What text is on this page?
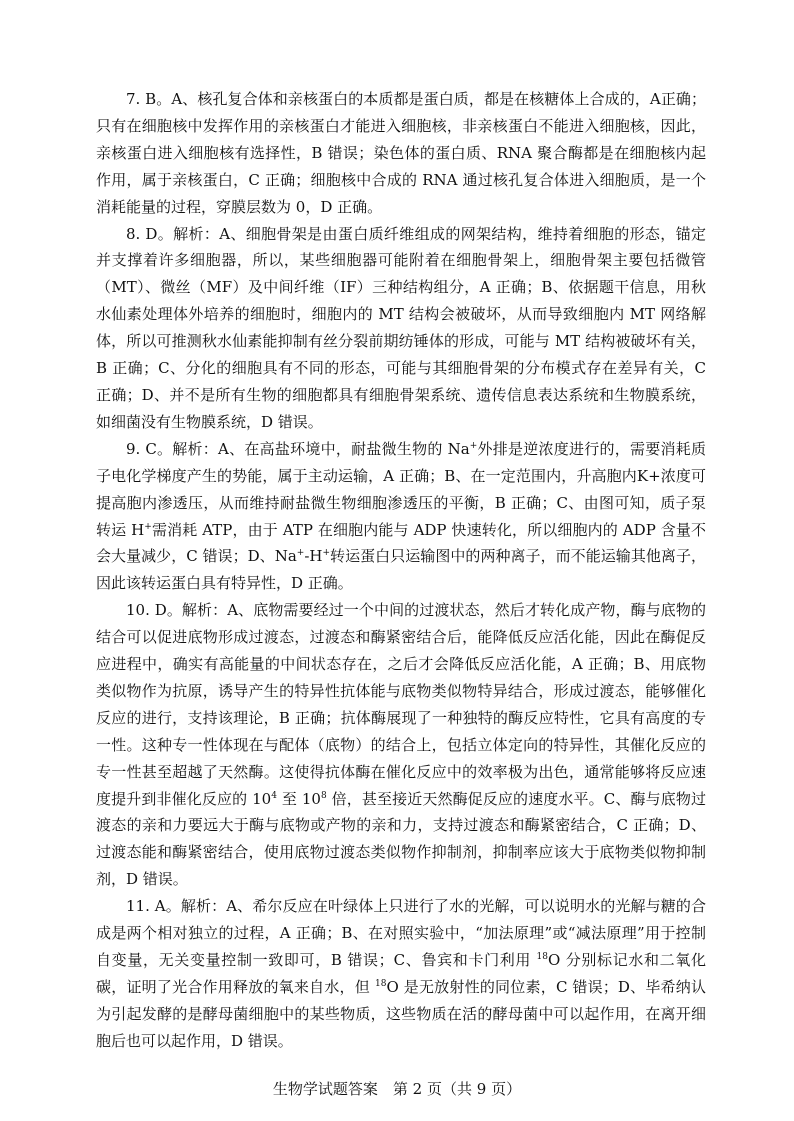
7. B。A、核孔复合体和亲核蛋白的本质都是蛋白质，都是在核糖体上合成的，A正确；只有在细胞核中发挥作用的亲核蛋白才能进入细胞核，非亲核蛋白不能进入细胞核，因此，亲核蛋白进入细胞核有选择性，B 错误；染色体的蛋白质、RNA 聚合酶都是在细胞核内起作用，属于亲核蛋白，C 正确；细胞核中合成的 RNA 通过核孔复合体进入细胞质，是一个消耗能量的过程，穿膜层数为 0，D 正确。

8. D。解析：A、细胞骨架是由蛋白质纤维组成的网架结构，维持着细胞的形态，锚定并支撑着许多细胞器，所以，某些细胞器可能附着在细胞骨架上，细胞骨架主要包括微管（MT）、微丝（MF）及中间纤维（IF）三种结构组分，A 正确；B、依据题干信息，用秋水仙素处理体外培养的细胞时，细胞内的 MT 结构会被破坏，从而导致细胞内 MT 网络解体，所以可推测秋水仙素能抑制有丝分裂前期纺锤体的形成，可能与 MT 结构被破坏有关，B 正确；C、分化的细胞具有不同的形态，可能与其细胞骨架的分布模式存在差异有关，C 正确；D、并不是所有生物的细胞都具有细胞骨架系统、遗传信息表达系统和生物膜系统，如细菌没有生物膜系统，D 错误。

9. C。解析：A、在高盐环境中，耐盐微生物的 Na+外排是逆浓度进行的，需要消耗质子电化学梯度产生的势能，属于主动运输，A 正确；B、在一定范围内，升高胞内K+浓度可提高胞内渗透压，从而维持耐盐微生物细胞渗透压的平衡，B 正确；C、由图可知，质子泵转运 H+需消耗 ATP，由于 ATP 在细胞内能与 ADP 快速转化，所以细胞内的 ADP 含量不会大量减少，C 错误；D、Na+-H+转运蛋白只运输图中的两种离子，而不能运输其他离子，因此该转运蛋白具有特异性，D 正确。

10. D。解析：A、底物需要经过一个中间的过渡状态，然后才转化成产物，酶与底物的结合可以促进底物形成过渡态，过渡态和酶紧密结合后，能降低反应活化能，因此在酶促反应进程中，确实有高能量的中间状态存在，之后才会降低反应活化能，A 正确；B、用底物类似物作为抗原，诱导产生的特异性抗体能与底物类似物特异结合，形成过渡态，能够催化反应的进行，支持该理论，B 正确；抗体酶展现了一种独特的酶反应特性，它具有高度的专一性。这种专一性体现在与配体（底物）的结合上，包括立体定向的特异性，其催化反应的专一性甚至超越了天然酶。这使得抗体酶在催化反应中的效率极为出色，通常能够将反应速度提升到非催化反应的 $10^4$ 至 $10^8$ 倍，甚至接近天然酶促反应的速度水平。C、酶与底物过渡态的亲和力要远大于酶与底物或产物的亲和力，支持过渡态和酶紧密结合，C 正确；D、过渡态能和酶紧密结合，使用底物过渡态类似物作抑制剂，抑制率应该大于底物类似物抑制剂，D 错误。

11. A。解析：A、希尔反应在叶绿体上只进行了水的光解，可以说明水的光解与糖的合成是两个相对独立的过程，A 正确；B、在对照实验中，“加法原理”或“减法原理”用于控制自变量，无关变量控制一致即可，B 错误；C、鲁宾和卡门利用 $^{18}$O 分别标记水和二氧化碳，证明了光合作用释放的氧来自水，但 $^{18}$O 是无放射性的同位素，C 错误；D、毕希纳认为引起发酵的是酵母菌细胞中的某些物质，这些物质在活的酵母菌中可以起作用，在离开细胞后也可以起作用，D 错误。

生物学试题答案　第 2 页（共 9 页）
